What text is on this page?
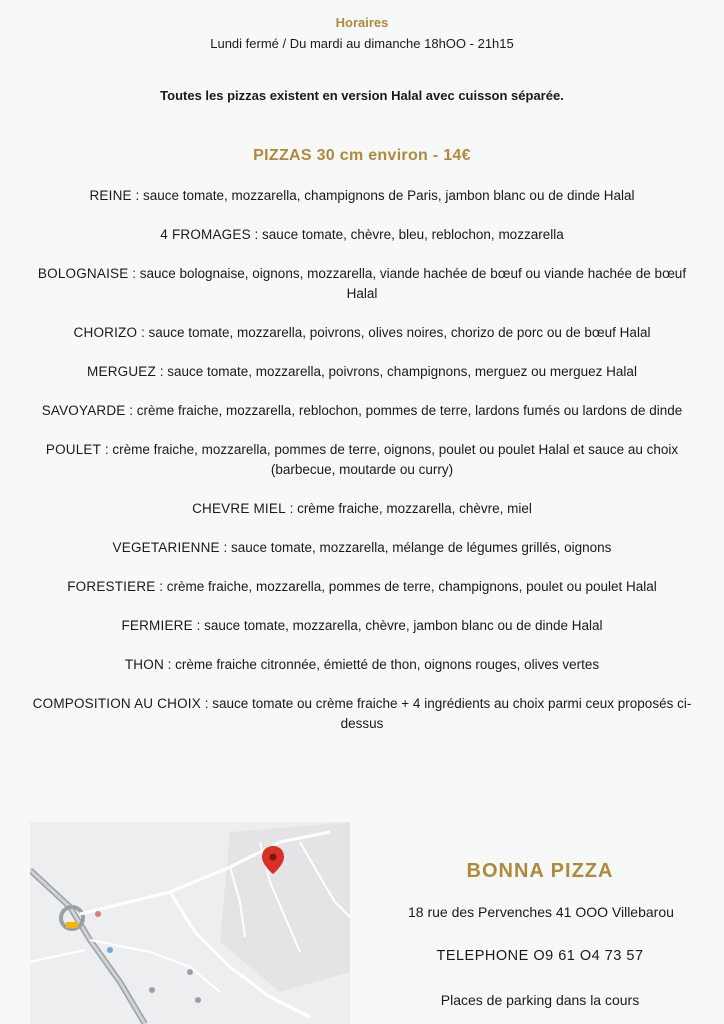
Horaires
Lundi fermé / Du mardi au dimanche 18hOO - 21h15
Toutes les pizzas existent en version Halal avec cuisson séparée.
PIZZAS 30 cm environ - 14€
REINE : sauce tomate, mozzarella, champignons de Paris, jambon blanc ou de dinde Halal
4 FROMAGES : sauce tomate, chèvre, bleu, reblochon, mozzarella
BOLOGNAISE : sauce bolognaise, oignons, mozzarella, viande hachée de bœuf ou viande hachée de bœuf Halal
CHORIZO : sauce tomate, mozzarella, poivrons, olives noires, chorizo de porc ou de bœuf Halal
MERGUEZ : sauce tomate, mozzarella, poivrons, champignons, merguez ou merguez Halal
SAVOYARDE : crème fraiche, mozzarella, reblochon, pommes de terre, lardons fumés ou lardons de dinde
POULET : crème fraiche, mozzarella, pommes de terre, oignons, poulet ou poulet Halal et sauce au choix (barbecue, moutarde ou curry)
CHEVRE MIEL : crème fraiche, mozzarella, chèvre, miel
VEGETARIENNE : sauce tomate, mozzarella, mélange de légumes grillés, oignons
FORESTIERE : crème fraiche, mozzarella, pommes de terre, champignons, poulet ou poulet Halal
FERMIERE : sauce tomate, mozzarella, chèvre, jambon blanc ou de dinde Halal
THON : crème fraiche citronnée, émietté de thon, oignons rouges, olives vertes
COMPOSITION AU CHOIX : sauce tomate ou crème fraiche + 4 ingrédients au choix parmi ceux proposés ci-dessus
BONNA PIZZA
18 rue des Pervenches 41 OOO Villebarou
TELEPHONE O9 61 O4 73 57
Places de parking dans la cours
